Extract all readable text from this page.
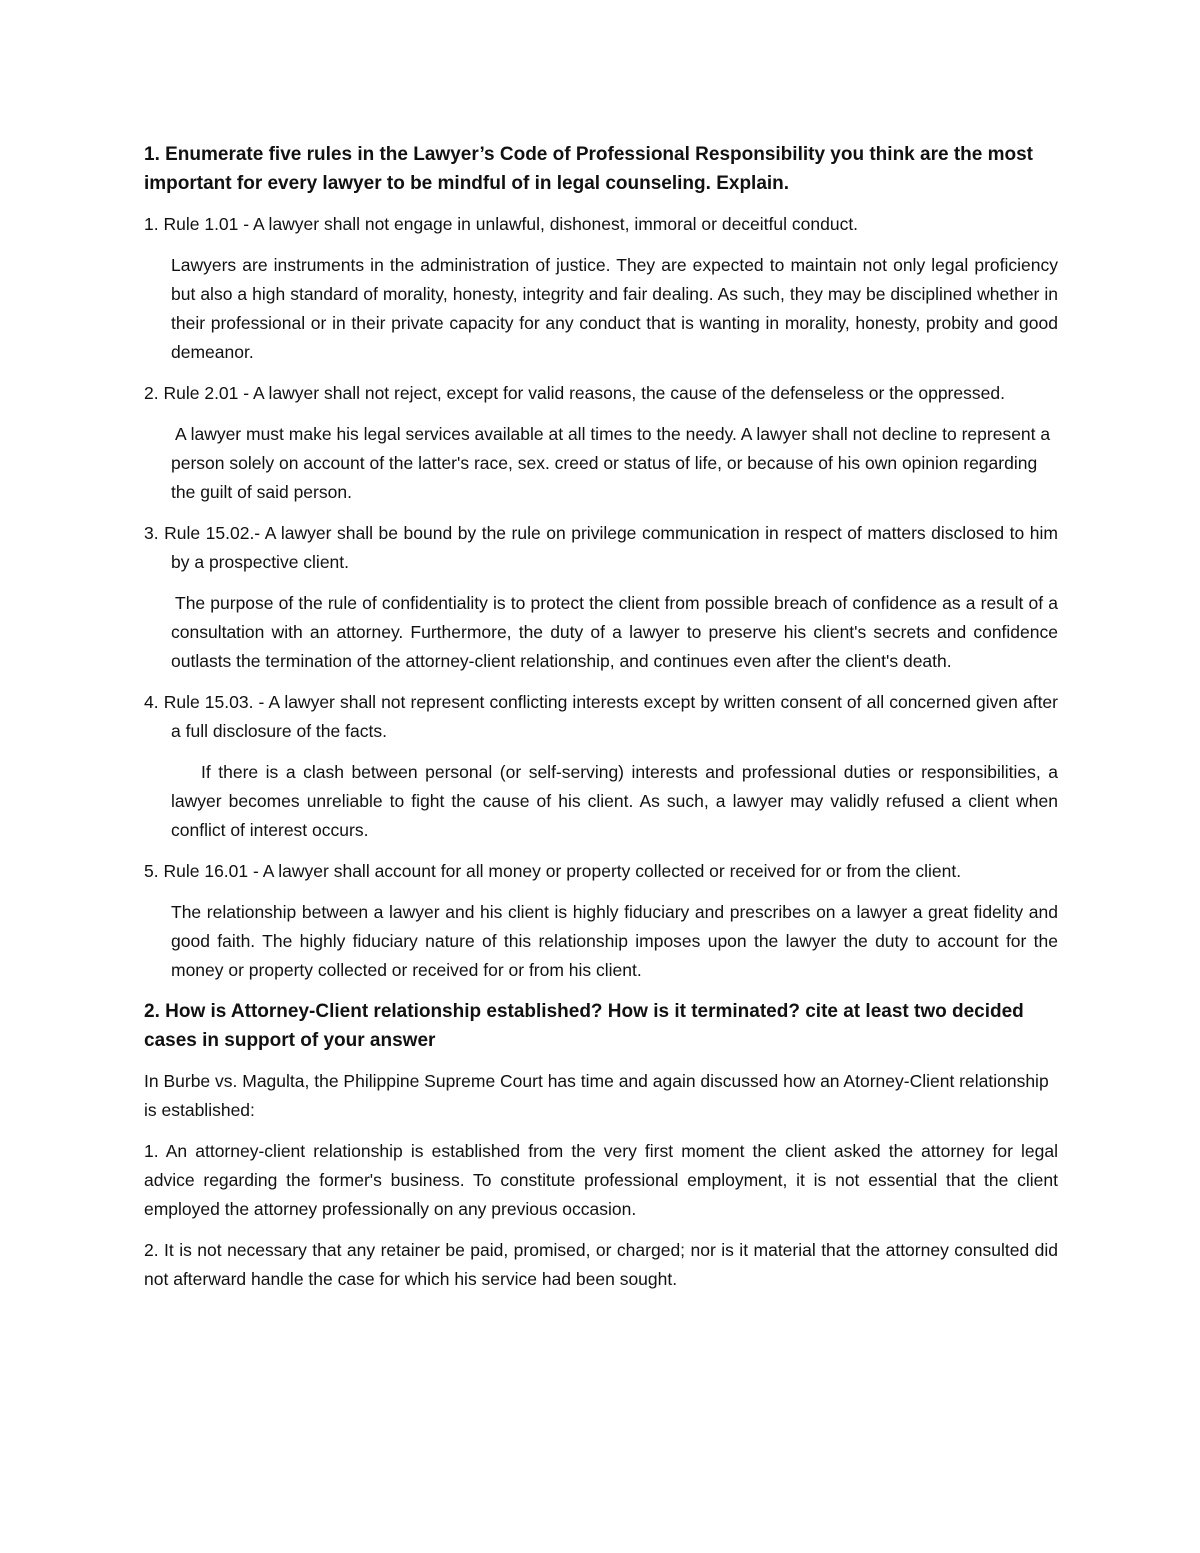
1. Enumerate five rules in the Lawyer’s Code of Professional Responsibility you think are the most important for every lawyer to be mindful of in legal counseling. Explain.
1. Rule 1.01 - A lawyer shall not engage in unlawful, dishonest, immoral or deceitful conduct.
Lawyers are instruments in the administration of justice. They are expected to maintain not only legal proficiency but also a high standard of morality, honesty, integrity and fair dealing. As such, they may be disciplined whether in their professional or in their private capacity for any conduct that is wanting in morality, honesty, probity and good demeanor.
2. Rule 2.01 - A lawyer shall not reject, except for valid reasons, the cause of the defenseless or the oppressed.
A lawyer must make his legal services available at all times to the needy. A lawyer shall not decline to represent a person solely on account of the latter's race, sex. creed or status of life, or because of his own opinion regarding the guilt of said person.
3. Rule 15.02.- A lawyer shall be bound by the rule on privilege communication in respect of matters disclosed to him by a prospective client.
The purpose of the rule of confidentiality is to protect the client from possible breach of confidence as a result of a consultation with an attorney. Furthermore, the duty of a lawyer to preserve his client's secrets and confidence outlasts the termination of the attorney-client relationship, and continues even after the client's death.
4. Rule 15.03. - A lawyer shall not represent conflicting interests except by written consent of all concerned given after a full disclosure of the facts.
If there is a clash between personal (or self-serving) interests and professional duties or responsibilities, a lawyer becomes unreliable to fight the cause of his client. As such, a lawyer may validly refused a client when conflict of interest occurs.
5. Rule 16.01 - A lawyer shall account for all money or property collected or received for or from the client.
The relationship between a lawyer and his client is highly fiduciary and prescribes on a lawyer a great fidelity and good faith. The highly fiduciary nature of this relationship imposes upon the lawyer the duty to account for the money or property collected or received for or from his client.
2. How is Attorney-Client relationship established? How is it terminated? cite at least two decided cases in support of your answer
In Burbe vs. Magulta, the Philippine Supreme Court has time and again discussed how an Atorney-Client relationship is established:
1. An attorney-client relationship is established from the very first moment the client asked the attorney for legal advice regarding the former's business. To constitute professional employment, it is not essential that the client employed the attorney professionally on any previous occasion.
2. It is not necessary that any retainer be paid, promised, or charged; nor is it material that the attorney consulted did not afterward handle the case for which his service had been sought.
